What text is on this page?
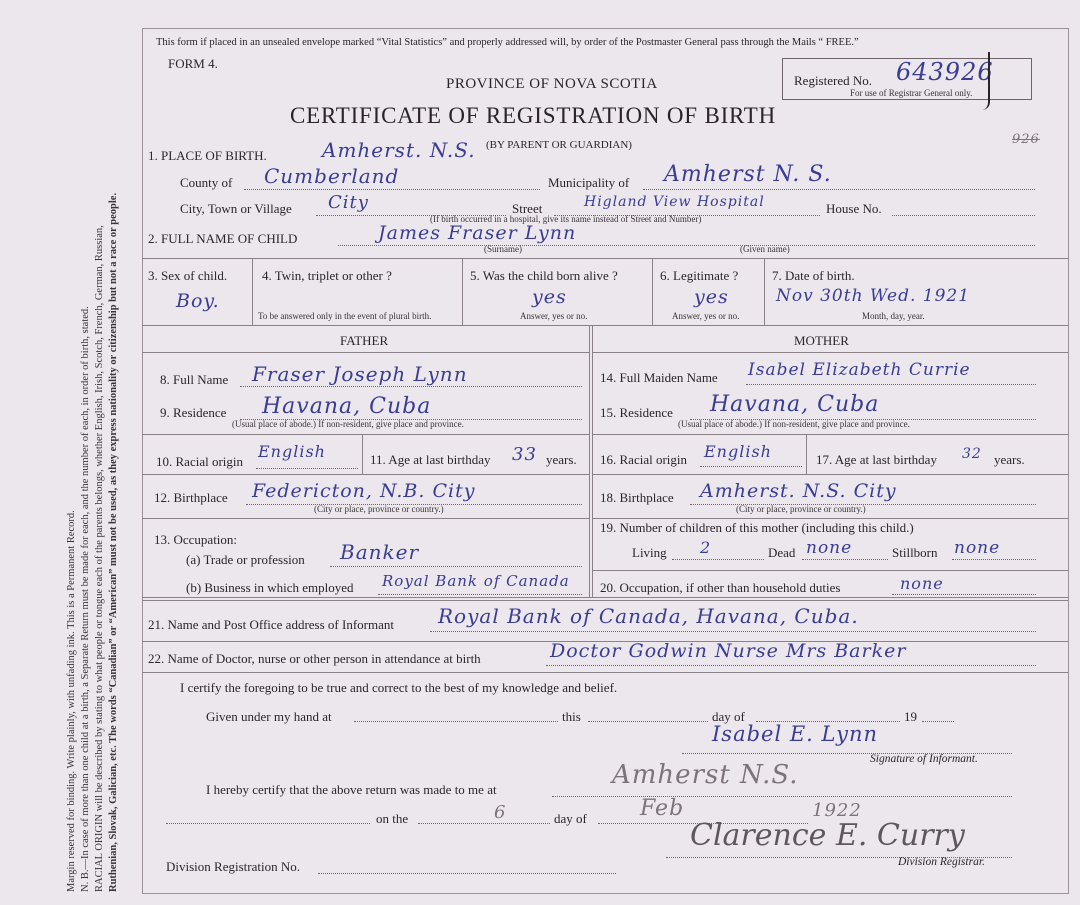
Margin reserved for binding. Write plainly, with unfading ink. This is a Permanent Record. N. B.—In case of more than one child at a birth, a Separate Return must be made for each, and the number of each, in order of birth, stated. RACIAL ORIGIN will be described by stating to what people or tongue each of the parents belongs, whether English, Irish, Scotch, French, German, Russian, Ruthenian, Slovak, Galician, etc. The words “Canadian” or “American” must not be used, as they express nationality or citizenship but not a race or people.
This form if placed in an unsealed envelope marked “Vital Statistics” and properly addressed will, by order of the Postmaster General pass through the Mails “ FREE.”
FORM 4.
PROVINCE OF NOVA SCOTIA
CERTIFICATE OF REGISTRATION OF BIRTH
Registered No. 643926
For use of Registrar General only.
926
1. PLACE OF BIRTH.	Amherst. N.S. (BY PARENT OR GUARDIAN)
County of Cumberland	Municipality of Amherst N. S.
City, Town or Village City	Street	Higland View Hospital	House No.
(If birth occurred in a hospital, give its name instead of Street and Number)
2. FULL NAME OF CHILD	James Fraser Lynn
(Surname)	(Given name)
3. Sex of child.
Boy.
4. Twin, triplet or other ?
To be answered only in the event of plural birth.
5. Was the child born alive ?
yes
Answer, yes or no.
6. Legitimate ?
yes
Answer, yes or no.
7. Date of birth.
Nov 30th Wed. 1921
Month, day, year.
FATHER	MOTHER
8. Full Name Fraser Joseph Lynn
9. Residence Havana, Cuba
(Usual place of abode.) If non-resident, give place and province.
10. Racial origin
English	11. Age at last birthday 33 years.
12. Birthplace Federicton, N.B. City
(City or place, province or country.)
13. Occupation:
(a) Trade or profession Banker
(b) Business in which employed Royal Bank of Canada
14. Full Maiden Name Isabel Elizabeth Currie
15. Residence Havana, Cuba
(Usual place of abode.) If non-resident, give place and province.
16. Racial origin English	17. Age at last birthday 32 years.
18. Birthplace Amherst. N.S. City
(City or place, province or country.)
19. Number of children of this mother (including this child.)
Living 2	Dead none	Stillborn none
20. Occupation, if other than household duties	none
21. Name and Post Office address of Informant Royal Bank of Canada, Havana, Cuba.
22. Name of Doctor, nurse or other person in attendance at birth	Doctor Godwin Nurse Mrs Barker
I certify the foregoing to be true and correct to the best of my knowledge and belief.
Given under my hand at	this	day of	19
Isabel E. Lynn
Signature of Informant.
I hereby certify that the above return was made to me at	Amherst N.S.
on the	6	day of Feb	1922
Clarence E. Curry
Division Registration No.	Division Registrar.
